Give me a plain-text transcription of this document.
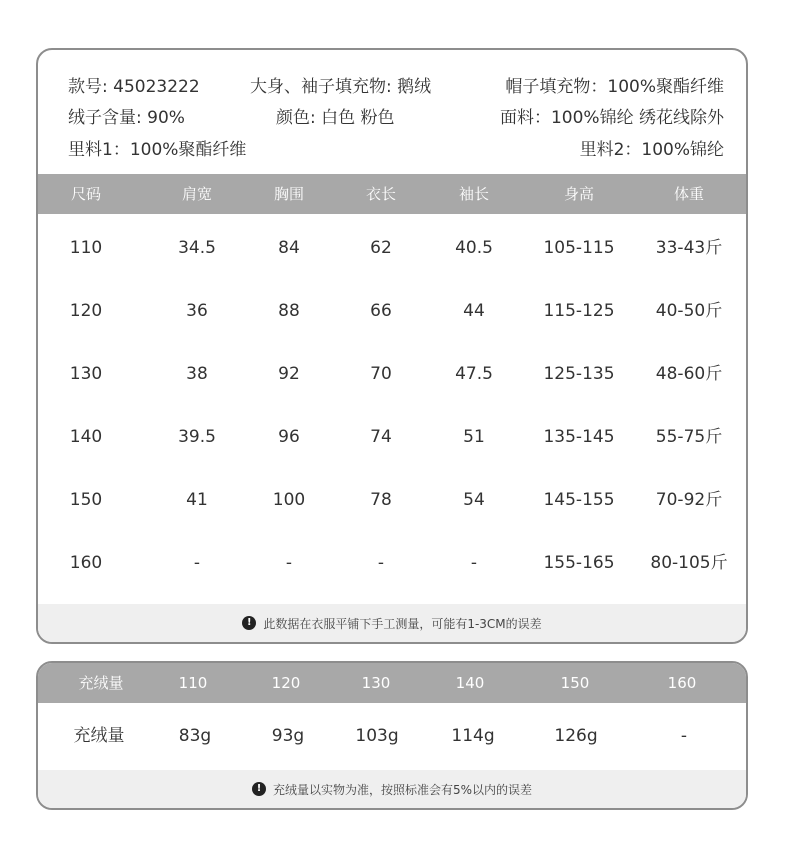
款号: 45023222	大身、袖子填充物: 鹅绒	帽子填充物：100%聚酯纤维
绒子含量: 90%	颜色: 白色 粉色	面料：100%锦纶 绣花线除外
里料1：100%聚酯纤维	里料2：100%锦纶
尺码	肩宽	胸围	衣长	袖长	身高	体重
110	34.5	84	62	40.5	105-115 33-43斤
120	36	88	66	44	115-125 40-50斤
130	38	92	70	47.5	125-135 48-60斤
140	39.5	96	74	51	135-145 55-75斤
150	41	100	78	54	145-155 70-92斤
160	-	-	-	-	155-165 80-105斤
! 此数据在衣服平铺下手工测量，可能有1-3CM的误差
充绒量	110	120	130	140	150	160
充绒量	83g	93g	103g	114g	126g	-
! 充绒量以实物为准，按照标准会有5%以内的误差
